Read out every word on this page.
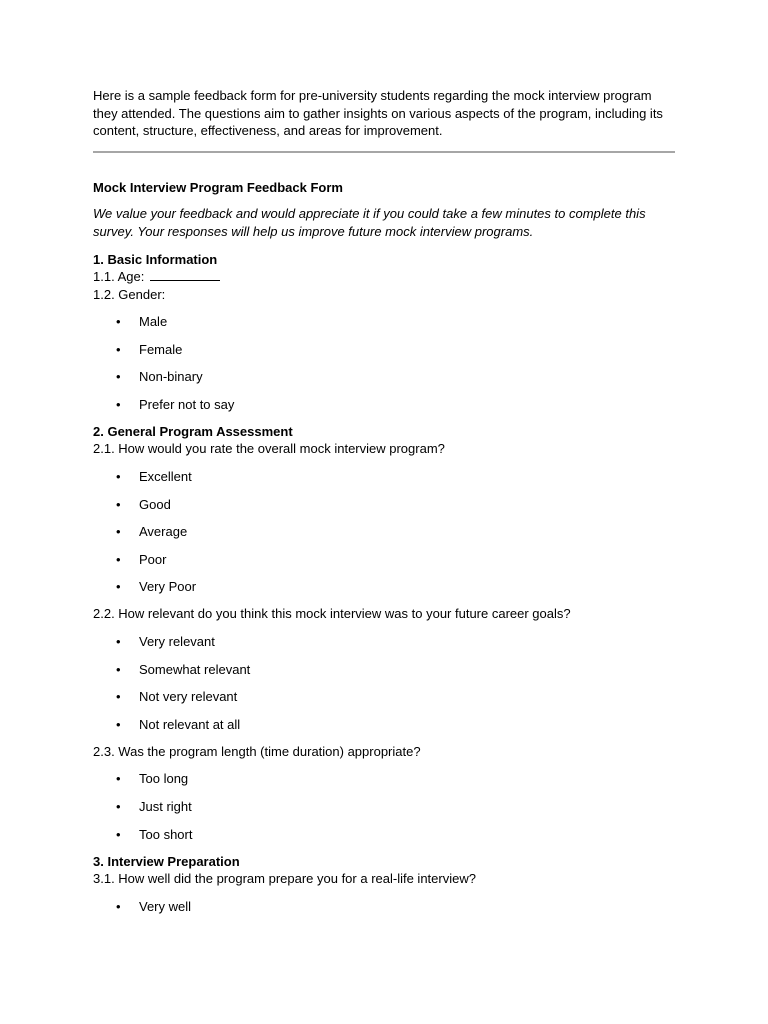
Here is a sample feedback form for pre-university students regarding the mock interview program they attended. The questions aim to gather insights on various aspects of the program, including its content, structure, effectiveness, and areas for improvement.

Mock Interview Program Feedback Form
We value your feedback and would appreciate it if you could take a few minutes to complete this survey. Your responses will help us improve future mock interview programs.
1. Basic Information
1.1. Age:
1.2. Gender:
• Male
• Female
• Non-binary
• Prefer not to say
2. General Program Assessment
2.1. How would you rate the overall mock interview program?
• Excellent
• Good
• Average
• Poor
• Very Poor
2.2. How relevant do you think this mock interview was to your future career goals?
• Very relevant
• Somewhat relevant
• Not very relevant
• Not relevant at all
2.3. Was the program length (time duration) appropriate?
• Too long
• Just right
• Too short
3. Interview Preparation
3.1. How well did the program prepare you for a real-life interview?
• Very well
